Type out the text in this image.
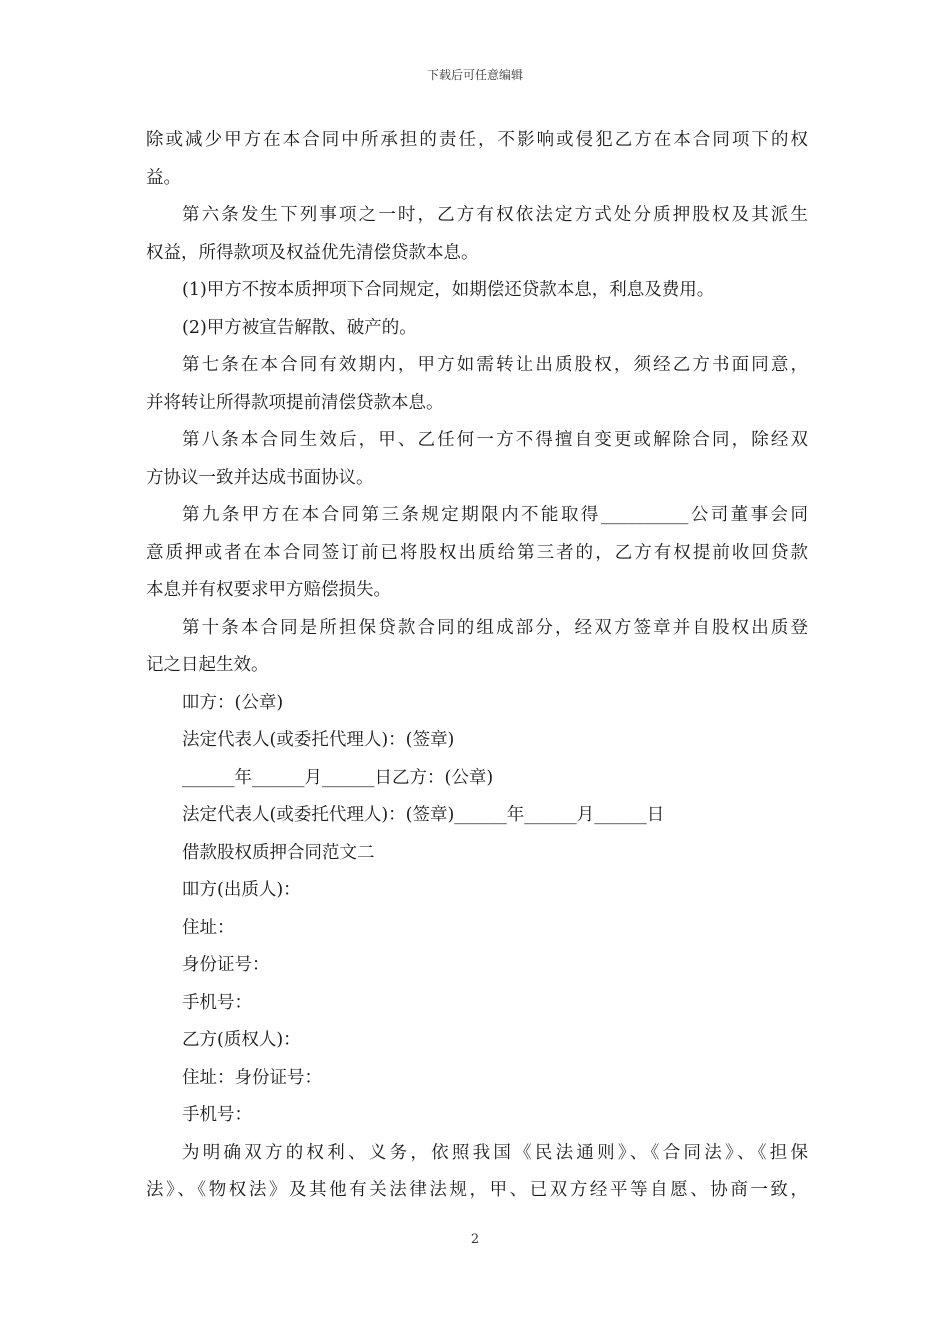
下载后可任意编辑
除或减少甲方在本合同中所承担的责任，不影响或侵犯乙方在本合同项下的权
益。
第六条发生下列事项之一时，乙方有权依法定方式处分质押股权及其派生
权益，所得款项及权益优先清偿贷款本息。
(1)甲方不按本质押项下合同规定，如期偿还贷款本息，利息及费用。
(2)甲方被宣告解散、破产的。
第七条在本合同有效期内，甲方如需转让出质股权，须经乙方书面同意，
并将转让所得款项提前清偿贷款本息。
第八条本合同生效后，甲、乙任何一方不得擅自变更或解除合同，除经双
方协议一致并达成书面协议。
第九条甲方在本合同第三条规定期限内不能取得__________公司董事会同
意质押或者在本合同签订前已将股权出质给第三者的，乙方有权提前收回贷款
本息并有权要求甲方赔偿损失。
第十条本合同是所担保贷款合同的组成部分，经双方签章并自股权出质登
记之日起生效。
吅方：(公章)
法定代表人(或委托代理人)：(签章)
______年______月______日乙方：(公章)
法定代表人(或委托代理人)：(签章)______年______月______日
借款股权质押合同范文二
吅方(出质人)：
住址：
身份证号：
手机号：
乙方(质权人)：
住址：身份证号：
手机号：
为明确双方的权利、义务，依照我国《民法通则》、《合同法》、《担保
法》、《物权法》及其他有关法律法规，甲、已双方经平等自愿、协商一致，
2
